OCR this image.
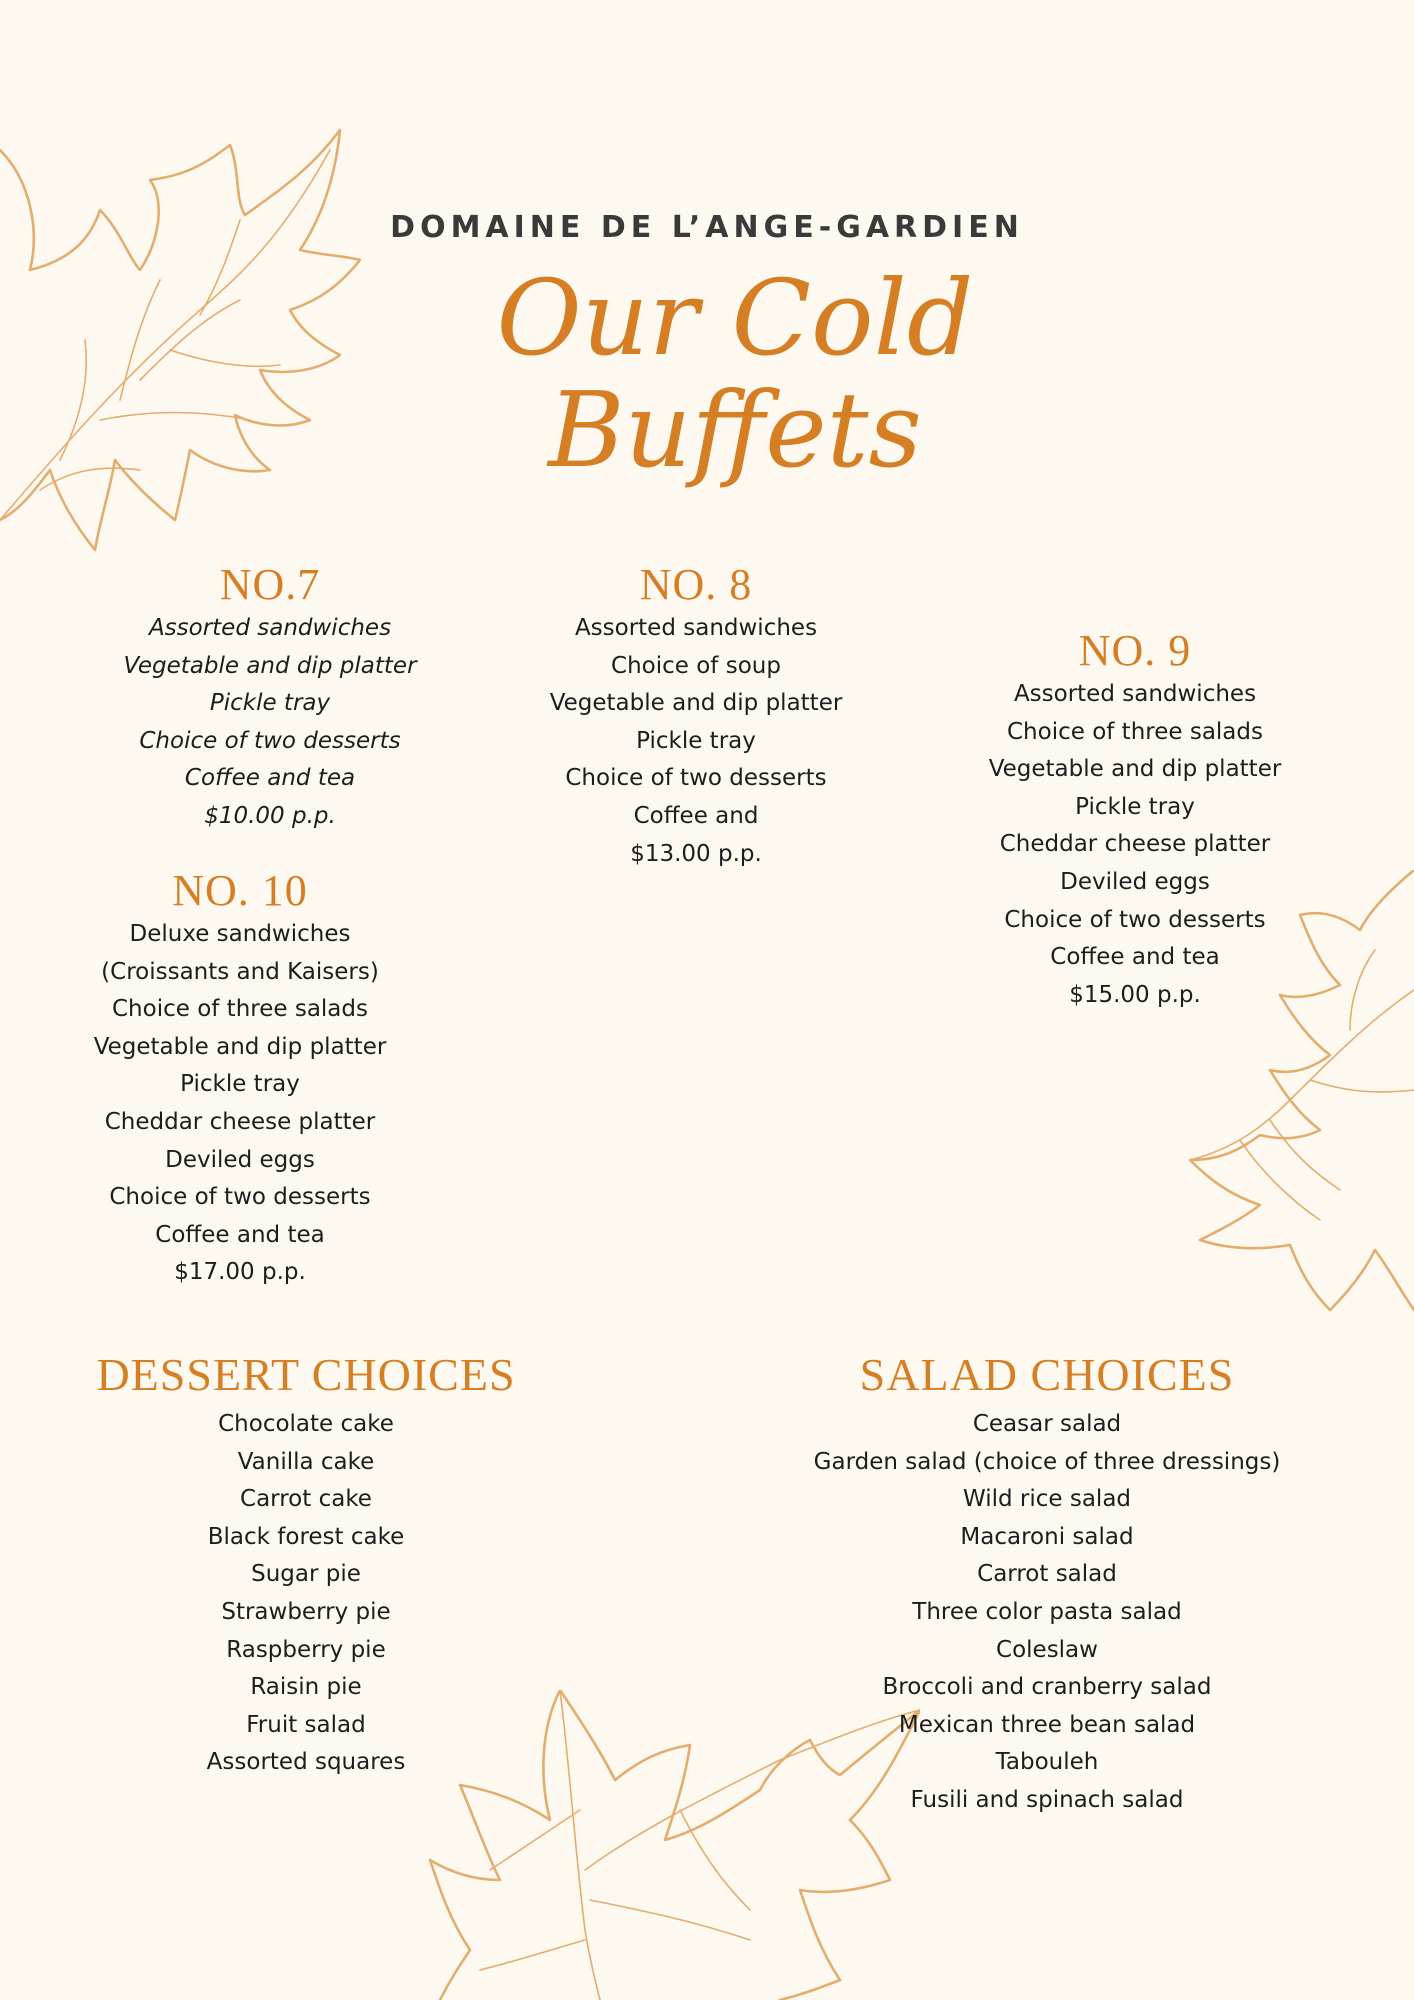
DOMAINE DE L’ANGE-GARDIEN
Our Cold
Buffets
NO.7
Assorted sandwiches
Vegetable and dip platter
Pickle tray
Choice of two desserts
Coffee and tea
$10.00 p.p.
NO. 8
Assorted sandwiches
Choice of soup
Vegetable and dip platter
Pickle tray
Choice of two desserts
Coffee and
$13.00 p.p.
NO. 9
Assorted sandwiches
Choice of three salads
Vegetable and dip platter
Pickle tray
Cheddar cheese platter
Deviled eggs
Choice of two desserts
Coffee and tea
$15.00 p.p.
NO. 10
Deluxe sandwiches
(Croissants and Kaisers)
Choice of three salads
Vegetable and dip platter
Pickle tray
Cheddar cheese platter
Deviled eggs
Choice of two desserts
Coffee and tea
$17.00 p.p.
DESSERT CHOICES
Chocolate cake
Vanilla cake
Carrot cake
Black forest cake
Sugar pie
Strawberry pie
Raspberry pie
Raisin pie
Fruit salad
Assorted squares
SALAD CHOICES
Ceasar salad
Garden salad (choice of three dressings)
Wild rice salad
Macaroni salad
Carrot salad
Three color pasta salad
Coleslaw
Broccoli and cranberry salad
Mexican three bean salad
Tabouleh
Fusili and spinach salad
